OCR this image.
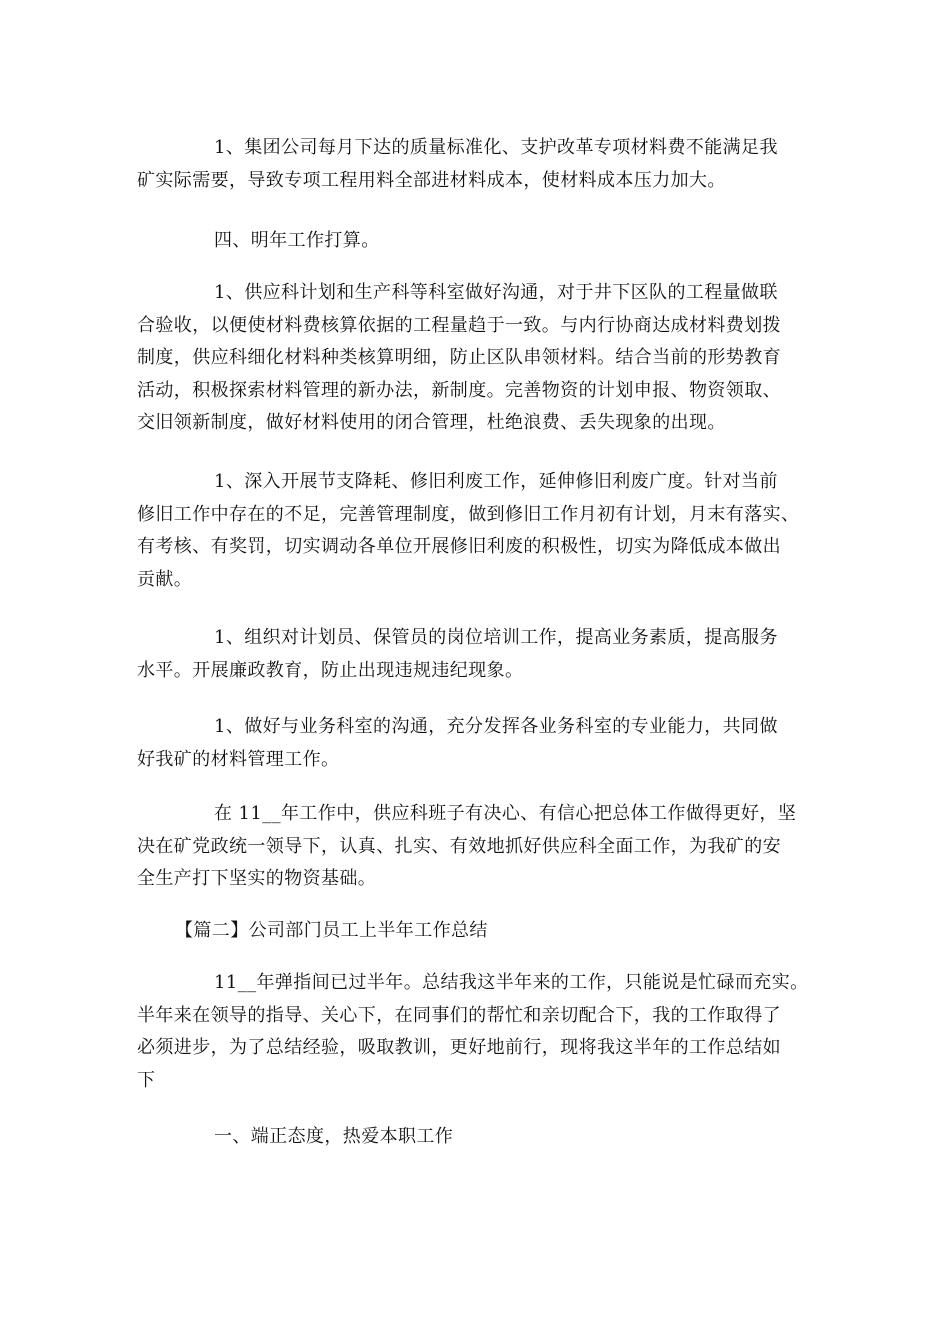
1、集团公司每月下达的质量标准化、支护改革专项材料费不能满足我
矿实际需要，导致专项工程用料全部进材料成本，使材料成本压力加大。

四、明年工作打算。

1、供应科计划和生产科等科室做好沟通，对于井下区队的工程量做联
合验收，以便使材料费核算依据的工程量趋于一致。与内行协商达成材料费划拨
制度，供应科细化材料种类核算明细，防止区队串领材料。结合当前的形势教育
活动，积极探索材料管理的新办法，新制度。完善物资的计划申报、物资领取、
交旧领新制度，做好材料使用的闭合管理，杜绝浪费、丢失现象的出现。

1、深入开展节支降耗、修旧利废工作，延伸修旧利废广度。针对当前
修旧工作中存在的不足，完善管理制度，做到修旧工作月初有计划，月末有落实、
有考核、有奖罚，切实调动各单位开展修旧利废的积极性，切实为降低成本做出
贡献。

1、组织对计划员、保管员的岗位培训工作，提高业务素质，提高服务
水平。开展廉政教育，防止出现违规违纪现象。

1、做好与业务科室的沟通，充分发挥各业务科室的专业能力，共同做
好我矿的材料管理工作。

在 11__年工作中，供应科班子有决心、有信心把总体工作做得更好，坚
决在矿党政统一领导下，认真、扎实、有效地抓好供应科全面工作，为我矿的安
全生产打下坚实的物资基础。

【篇二】公司部门员工上半年工作总结

11__年弹指间已过半年。总结我这半年来的工作，只能说是忙碌而充实。
半年来在领导的指导、关心下，在同事们的帮忙和亲切配合下，我的工作取得了
必须进步，为了总结经验，吸取教训，更好地前行，现将我这半年的工作总结如
下

一、端正态度，热爱本职工作
